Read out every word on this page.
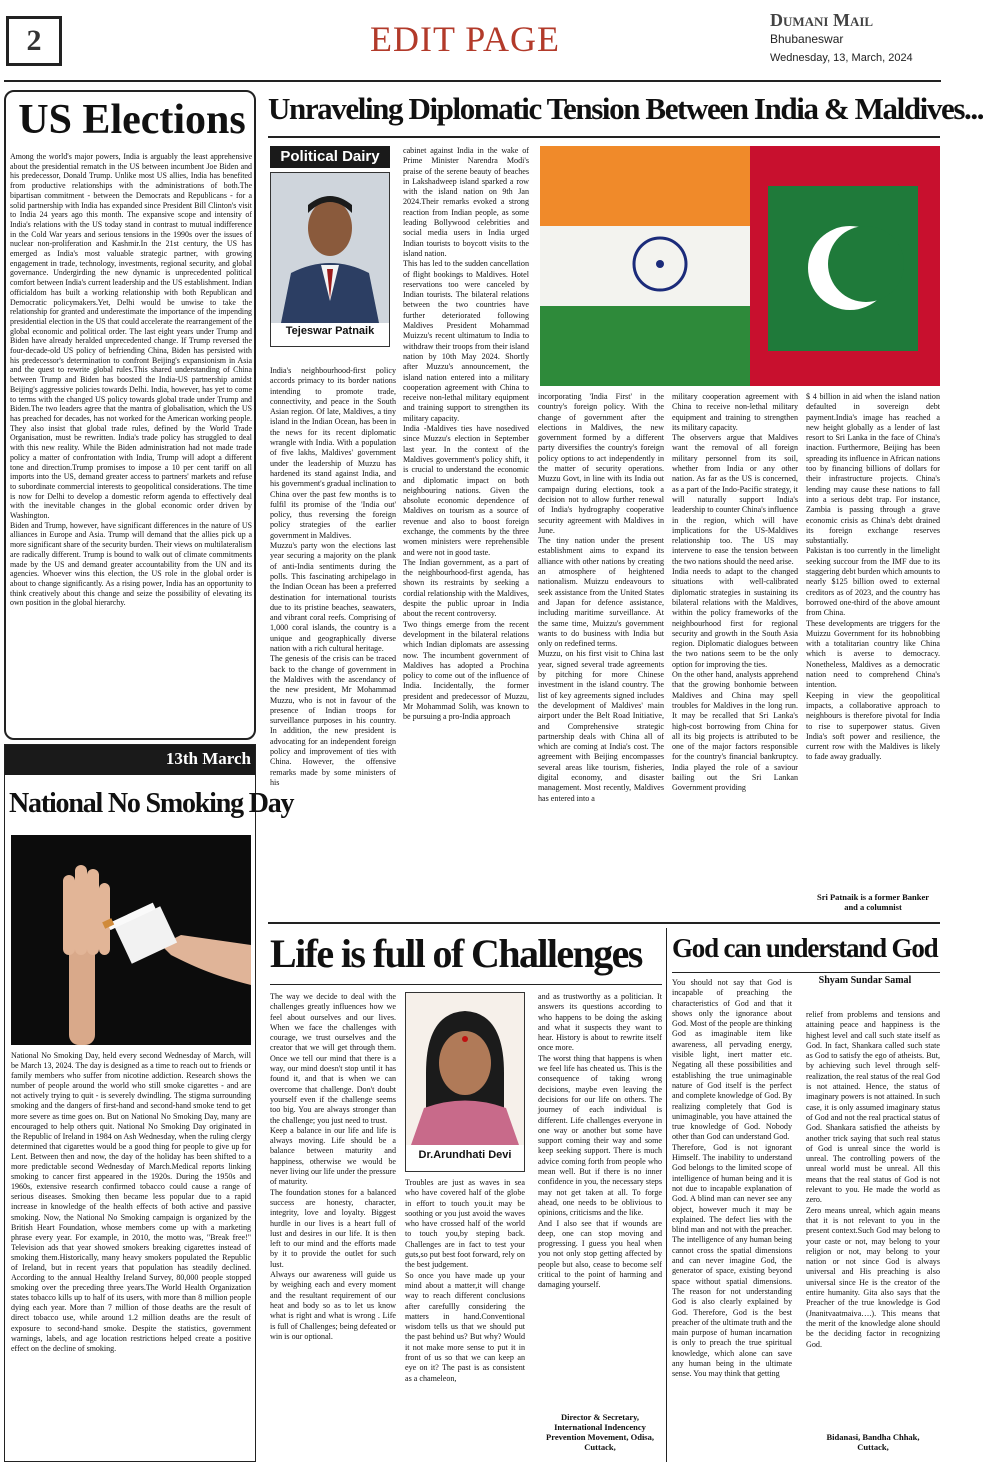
2	EDIT PAGE	Dumani Mail
Bhubaneswar
Wednesday, 13, March, 2024
US Elections
Among the world's major powers, India is arguably the least apprehensive about the presidential rematch in the US between incumbent Joe Biden and his predecessor, Donald Trump. Unlike most US allies, India has benefited from productive relationships with the administrations of both.The bipartisan commitment - between the Democrats and Republicans - for a solid partnership with India has expanded since President Bill Clinton's visit to India 24 years ago this month. The expansive scope and intensity of India's relations with the US today stand in contrast to mutual indifference in the Cold War years and serious tensions in the 1990s over the issues of nuclear non-proliferation and Kashmir.In the 21st century, the US has emerged as India's most valuable strategic partner, with growing engagement in trade, technology, investments, regional security, and global governance. Undergirding the new dynamic is unprecedented political comfort between India's current leadership and the US establishment. Indian officialdom has built a working relationship with both Republican and Democratic policymakers.Yet, Delhi would be unwise to take the relationship for granted and underestimate the importance of the impending presidential election in the US that could accelerate the rearrangement of the global economic and political order. The last eight years under Trump and Biden have already heralded unprecedented change. If Trump reversed the four-decade-old US policy of befriending China, Biden has persisted with his predecessor's determination to confront Beijing's expansionism in Asia and the quest to rewrite global rules.This shared understanding of China between Trump and Biden has boosted the India-US partnership amidst Beijing's aggressive policies towards Delhi. India, however, has yet to come to terms with the changed US policy towards global trade under Trump and Biden.The two leaders agree that the mantra of globalisation, which the US has preached for decades, has not worked for the American working people. They also insist that global trade rules, defined by the World Trade Organisation, must be rewritten. India's trade policy has struggled to deal with this new reality. While the Biden administration had not made trade policy a matter of confrontation with India, Trump will adopt a different tone and direction.Trump promises to impose a 10 per cent tariff on all imports into the US, demand greater access to partners' markets and refuse to subordinate commercial interests to geopolitical considerations. The time is now for Delhi to develop a domestic reform agenda to effectively deal with the inevitable changes in the global economic order driven by Washington.
Biden and Trump, however, have significant differences in the nature of US alliances in Europe and Asia. Trump will demand that the allies pick up a more significant share of the security burden. Their views on multilateralism are radically different. Trump is bound to walk out of climate commitments made by the US and demand greater accountability from the UN and its agencies. Whoever wins this election, the US role in the global order is about to change significantly. As a rising power, India has an opportunity to think creatively about this change and seize the possibility of elevating its own position in the global hierarchy.
13th March
National No Smoking Day
National No Smoking Day, held every second Wednesday of March, will be March 13, 2024. The day is designed as a time to reach out to friends or family members who suffer from nicotine addiction. Research shows the number of people around the world who still smoke cigarettes - and are not actively trying to quit - is severely dwindling. The stigma surrounding smoking and the dangers of first-hand and second-hand smoke tend to get more severe as time goes on. But on National No Smoking Day, many are encouraged to help others quit. National No Smoking Day originated in the Republic of Ireland in 1984 on Ash Wednesday, when the ruling clergy determined that cigarettes would be a good thing for people to give up for Lent. Between then and now, the day of the holiday has been shifted to a more predictable second Wednesday of March.Medical reports linking smoking to cancer first appeared in the 1920s. During the 1950s and 1960s, extensive research confirmed tobacco could cause a range of serious diseases. Smoking then became less popular due to a rapid increase in knowledge of the health effects of both active and passive smoking. Now, the National No Smoking campaign is organized by the British Heart Foundation, whose members come up with a marketing phrase every year. For example, in 2010, the motto was, "Break free!" Television ads that year showed smokers breaking cigarettes instead of smoking them.Historically, many heavy smokers populated the Republic of Ireland, but in recent years that population has steadily declined. According to the annual Healthy Ireland Survey, 80,000 people stopped smoking over the preceding three years.The World Health Organization states tobacco kills up to half of its users, with more than 8 million people dying each year. More than 7 million of those deaths are the result of direct tobacco use, while around 1.2 million deaths are the result of exposure to second-hand smoke. Despite the statistics, government warnings, labels, and age location restrictions helped create a positive effect on the decline of smoking.
Unraveling Diplomatic Tension Between India & Maldives...
Political Dairy
Tejeswar Patnaik
India's neighbourhood-first policy accords primacy to its border nations intending to promote trade, connectivity, and peace in the South Asian region. Of late, Maldives, a tiny island in the Indian Ocean, has been in the news for its recent diplomatic wrangle with India. With a population of five lakhs, Maldives' government under the leadership of Muzzu has hardened its stand against India, and his government's gradual inclination to China over the past few months is to fulfil its promise of the 'India out' policy, thus reversing the foreign policy strategies of the earlier government in Maldives.
Muzzu's party won the elections last year securing a majority on the plank of anti-India sentiments during the polls. This fascinating archipelago in the Indian Ocean has been a preferred destination for international tourists due to its pristine beaches, seawaters, and vibrant coral reefs. Comprising of 1,000 coral islands, the country is a unique and geographically diverse nation with a rich cultural heritage.
The genesis of the crisis can be traced back to the change of government in the Maldives with the ascendancy of the new president, Mr Mohammad Muzzu, who is not in favour of the presence of Indian troops for surveillance purposes in his country. In addition, the new president is advocating for an independent foreign policy and improvement of ties with China. However, the offensive remarks made by some ministers of his
cabinet against India in the wake of Prime Minister Narendra Modi's praise of the serene beauty of beaches in Lakshadweep island sparked a row with the island nation on 9th Jan 2024.Their remarks evoked a strong reaction from Indian people, as some leading Bollywood celebrities and social media users in India urged Indian tourists to boycott visits to the island nation.
This has led to the sudden cancellation of flight bookings to Maldives. Hotel reservations too were canceled by Indian tourists. The bilateral relations between the two countries have further deteriorated following Maldives President Mohammad Muizzu's recent ultimatum to India to withdraw their troops from their island nation by 10th May 2024. Shortly after Muzzu's announcement, the island nation entered into a military cooperation agreement with China to receive non-lethal military equipment and training support to strengthen its military capacity.
India -Maldives ties have nosedived since Muzzu's election in September last year. In the context of the Maldives government's policy shift, it is crucial to understand the economic and diplomatic impact on both neighbouring nations. Given the absolute economic dependence of Maldives on tourism as a source of revenue and also to boost foreign exchange, the comments by the three women ministers were reprehensible and were not in good taste.
The Indian government, as a part of the neighbourhood-first agenda, has shown its restraints by seeking a cordial relationship with the Maldives, despite the public uproar in India about the recent controversy.
Two things emerge from the recent development in the bilateral relations which Indian diplomats are assessing now. The incumbent government of Maldives has adopted a Prochina policy to come out of the influence of India. Incidentally, the former president and predecessor of Muzzu, Mr Mohammad Solih, was known to be pursuing a pro-India approach
incorporating 'India First' in the country's foreign policy. With the change of government after the elections in Maldives, the new government formed by a different party diversifies the country's foreign policy options to act independently in the matter of security operations. Muzzu Govt, in line with its India out campaign during elections, took a decision not to allow further renewal of India's hydrography cooperative security agreement with Maldives in June.
The tiny nation under the present establishment aims to expand its alliance with other nations by creating an atmosphere of heightened nationalism. Muizzu endeavours to seek assistance from the United States and Japan for defence assistance, including maritime surveillance. At the same time, Muizzu's government wants to do business with India but only on redefined terms.
Muzzu, on his first visit to China last year, signed several trade agreements by pitching for more Chinese investment in the island country. The list of key agreements signed includes the development of Maldives' main airport under the Belt Road Initiative, and Comprehensive strategic partnership deals with China all of which are coming at India's cost. The agreement with Beijing encompasses several areas like tourism, fisheries, digital economy, and disaster management. Most recently, Maldives has entered into a
military cooperation agreement with China to receive non-lethal military equipment and training to strengthen its military capacity.
The observers argue that Maldives want the removal of all foreign military personnel from its soil, whether from India or any other nation. As far as the US is concerned, as a part of the Indo-Pacific strategy, it will naturally support India's leadership to counter China's influence in the region, which will have implications for the US-Maldives relationship too. The US may intervene to ease the tension between the two nations should the need arise.
India needs to adapt to the changed situations with well-calibrated diplomatic strategies in sustaining its bilateral relations with the Maldives, within the policy frameworks of the neighbourhood first for regional security and growth in the South Asia region. Diplomatic dialogues between the two nations seem to be the only option for improving the ties.
On the other hand, analysts apprehend that the growing bonhomie between Maldives and China may spell troubles for Maldives in the long run. It may be recalled that Sri Lanka's high-cost borrowing from China for all its big projects is attributed to be one of the major factors responsible for the country's financial bankruptcy. India played the role of a saviour bailing out the Sri Lankan Government providing
$ 4 billion in aid when the island nation defaulted in sovereign debt payment.India's image has reached a new height globally as a lender of last resort to Sri Lanka in the face of China's inaction. Furthermore, Beijing has been spreading its influence in African nations too by financing billions of dollars for their infrastructure projects. China's lending may cause these nations to fall into a serious debt trap. For instance, Zambia is passing through a grave economic crisis as China's debt drained its foreign exchange reserves substantially.
Pakistan is too currently in the limelight seeking succour from the IMF due to its staggering debt burden which amounts to nearly $125 billion owed to external creditors as of 2023, and the country has borrowed one-third of the above amount from China.
These developments are triggers for the Muizzu Government for its hobnobbing with a totalitarian country like China which is averse to democracy. Nonetheless, Maldives as a democratic nation need to comprehend China's intention.
Keeping in view the geopolitical impacts, a collaborative approach to neighbours is therefore pivotal for India to rise to superpower status. Given India's soft power and resilience, the current row with the Maldives is likely to fade away gradually.
Sri Patnaik is a former Banker and a columnist
Life is full of Challenges
Dr.Arundhati Devi
The way we decide to deal with the challenges greatly influences how we feel about ourselves and our lives. When we face the challenges with courage, we trust ourselves and the creator that we will get through them. Once we tell our mind that there is a way, our mind doesn't stop until it has found it, and that is when we can overcome that challenge. Don't doubt yourself even if the challenge seems too big. You are always stronger than the challenge; you just need to trust.
Keep a balance in our life and life is always moving. Life should be a balance between maturity and happiness, otherwise we would be never living our life under the pressure of maturity.
The foundation stones for a balanced success are honesty, character, integrity, love and loyalty. Biggest hurdle in our lives is a heart full of lust and desires in our life. It is then left to our mind and the efforts made by it to provide the outlet for such lust.
Always our awareness will guide us by weighing each and every moment and the resultant requirement of our heat and body so as to let us know what is right and what is wrong . Life is full of Challenges; being defeated or win is our optional.
Troubles are just as waves in sea who have covered half of the globe in effort to touch you.it may be soothing or you just avoid the waves who have crossed half of the world to touch you,by steping back. Challenges are in fact to test your guts,so put best foot forward, rely on the best judgement.
So once you have made up your mind about a matter,it will change way to reach different conclusions after carefullly considering the matters in hand.Conventional wisdom tells us that we should put the past behind us? But why? Would it not make more sense to put it in front of us so that we can keep an eye on it? The past is as consistent as a chameleon,
and as trustworthy as a politician. It answers its questions according to who happens to be doing the asking and what it suspects they want to hear. History is about to rewrite itself once more.
The worst thing that happens is when we feel life has cheated us. This is the consequence of taking wrong decisions, maybe even leaving the decisions for our life on others. The journey of each individual is different. Life challenges everyone in one way or another but some have support coming their way and some keep seeking support. There is much advice coming forth from people who mean well. But if there is no inner confidence in you, the necessary steps may not get taken at all. To forge ahead, one needs to be oblivious to opinions, criticisms and the like.
And I also see that if wounds are deep, one can stop moving and progressing. I guess you heal when you not only stop getting affected by people but also, cease to become self critical to the point of harming and damaging yourself.
Director & Secretary, International Indencency Prevention Movement, Odisa, Cuttack,
God can understand God
Shyam Sundar Samal
You should not say that God is incapable of preaching the characteristics of God and that it shows only the ignorance about God. Most of the people are thinking God as imaginable item like awareness, all pervading energy, visible light, inert matter etc. Negating all these possibilities and establishing the true unimaginable nature of God itself is the perfect and complete knowledge of God. By realizing completely that God is unimaginable, you have attained the true knowledge of God. Nobody other than God can understand God.
Therefore, God is not ignorant Himself. The inability to understand God belongs to the limited scope of intelligence of human being and it is not due to incapable explanation of God. A blind man can never see any object, however much it may be explained. The defect lies with the blind man and not with the preacher. The intelligence of any human being cannot cross the spatial dimensions and can never imagine God, the generator of space, existing beyond space without spatial dimensions. The reason for not understanding God is also clearly explained by God. Therefore, God is the best preacher of the ultimate truth and the main purpose of human incarnation is only to preach the true spiritual knowledge, which alone can save any human being in the ultimate sense. You may think that getting
relief from problems and tensions and attaining peace and happiness is the highest level and call such state itself as God. In fact, Shankara called such state as God to satisfy the ego of atheists. But, by achieving such level through self-realization, the real status of the real God is not attained. Hence, the status of imaginary powers is not attained. In such case, it is only assumed imaginary status of God and not the real practical status of God. Shankara satisfied the atheists by another trick saying that such real status of God is unreal since the world is unreal. The controlling powers of the unreal world must be unreal. All this means that the real status of God is not relevant to you. He made the world as zero.
Zero means unreal, which again means that it is not relevant to you in the present context.Such God may belong to your caste or not, may belong to your religion or not, may belong to your nation or not since God is always universal and His preaching is also universal since He is the creator of the entire humanity. Gita also says that the Preacher of the true knowledge is God (Jnanitvaatmaiva….). This means that the merit of the knowledge alone should be the deciding factor in recognizing God.
Bidanasi, Bandha Chhak, Cuttack,
